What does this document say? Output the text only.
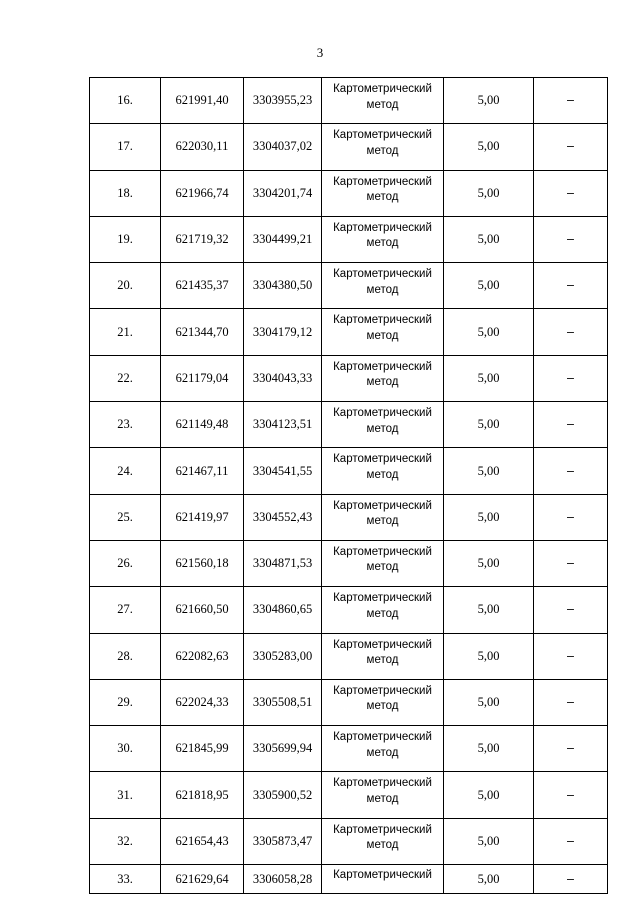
3
16.	621991,40	3303955,23	Картометрический метод	5,00	–
17.	622030,11	3304037,02	Картометрический метод	5,00	–
18.	621966,74	3304201,74	Картометрический метод	5,00	–
19.	621719,32	3304499,21	Картометрический метод	5,00	–
20.	621435,37	3304380,50	Картометрический метод	5,00	–
21.	621344,70	3304179,12	Картометрический метод	5,00	–
22.	621179,04	3304043,33	Картометрический метод	5,00	–
23.	621149,48	3304123,51	Картометрический метод	5,00	–
24.	621467,11	3304541,55	Картометрический метод	5,00	–
25.	621419,97	3304552,43	Картометрический метод	5,00	–
26.	621560,18	3304871,53	Картометрический метод	5,00	–
27.	621660,50	3304860,65	Картометрический метод	5,00	–
28.	622082,63	3305283,00	Картометрический метод	5,00	–
29.	622024,33	3305508,51	Картометрический метод	5,00	–
30.	621845,99	3305699,94	Картометрический метод	5,00	–
31.	621818,95	3305900,52	Картометрический метод	5,00	–
32.	621654,43	3305873,47	Картометрический метод	5,00	–
33.	621629,64	3306058,28	Картометрический	5,00	–
